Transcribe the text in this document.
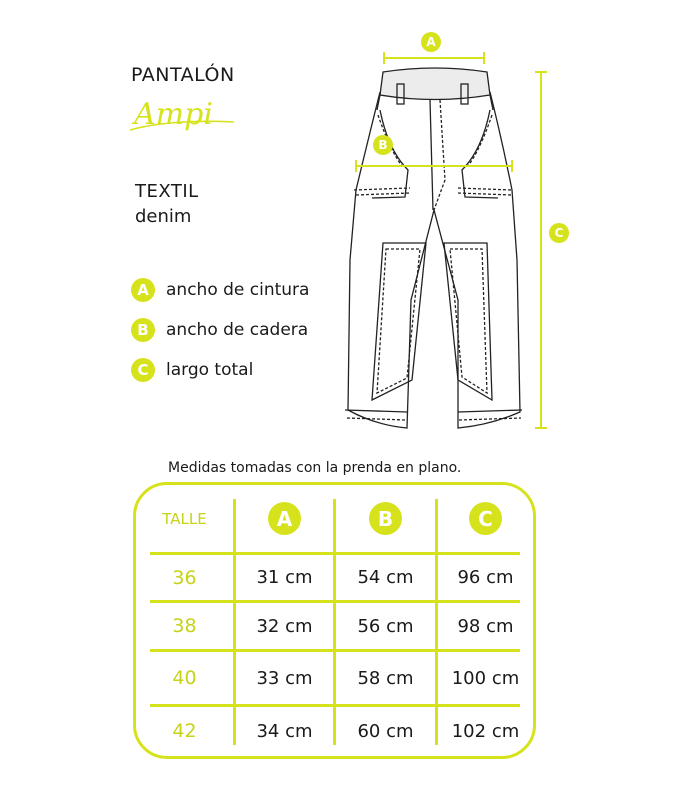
PANTALÓN
Ampi
TEXTIL
denim
A	ancho de cintura
B	ancho de cadera
C	largo total
A
B
C
Medidas tomadas con la prenda en plano.
TALLE	A	B	C
36	31 cm	54 cm	96 cm
38	32 cm	56 cm	98 cm
40	33 cm	58 cm	100 cm
42	34 cm	60 cm	102 cm
